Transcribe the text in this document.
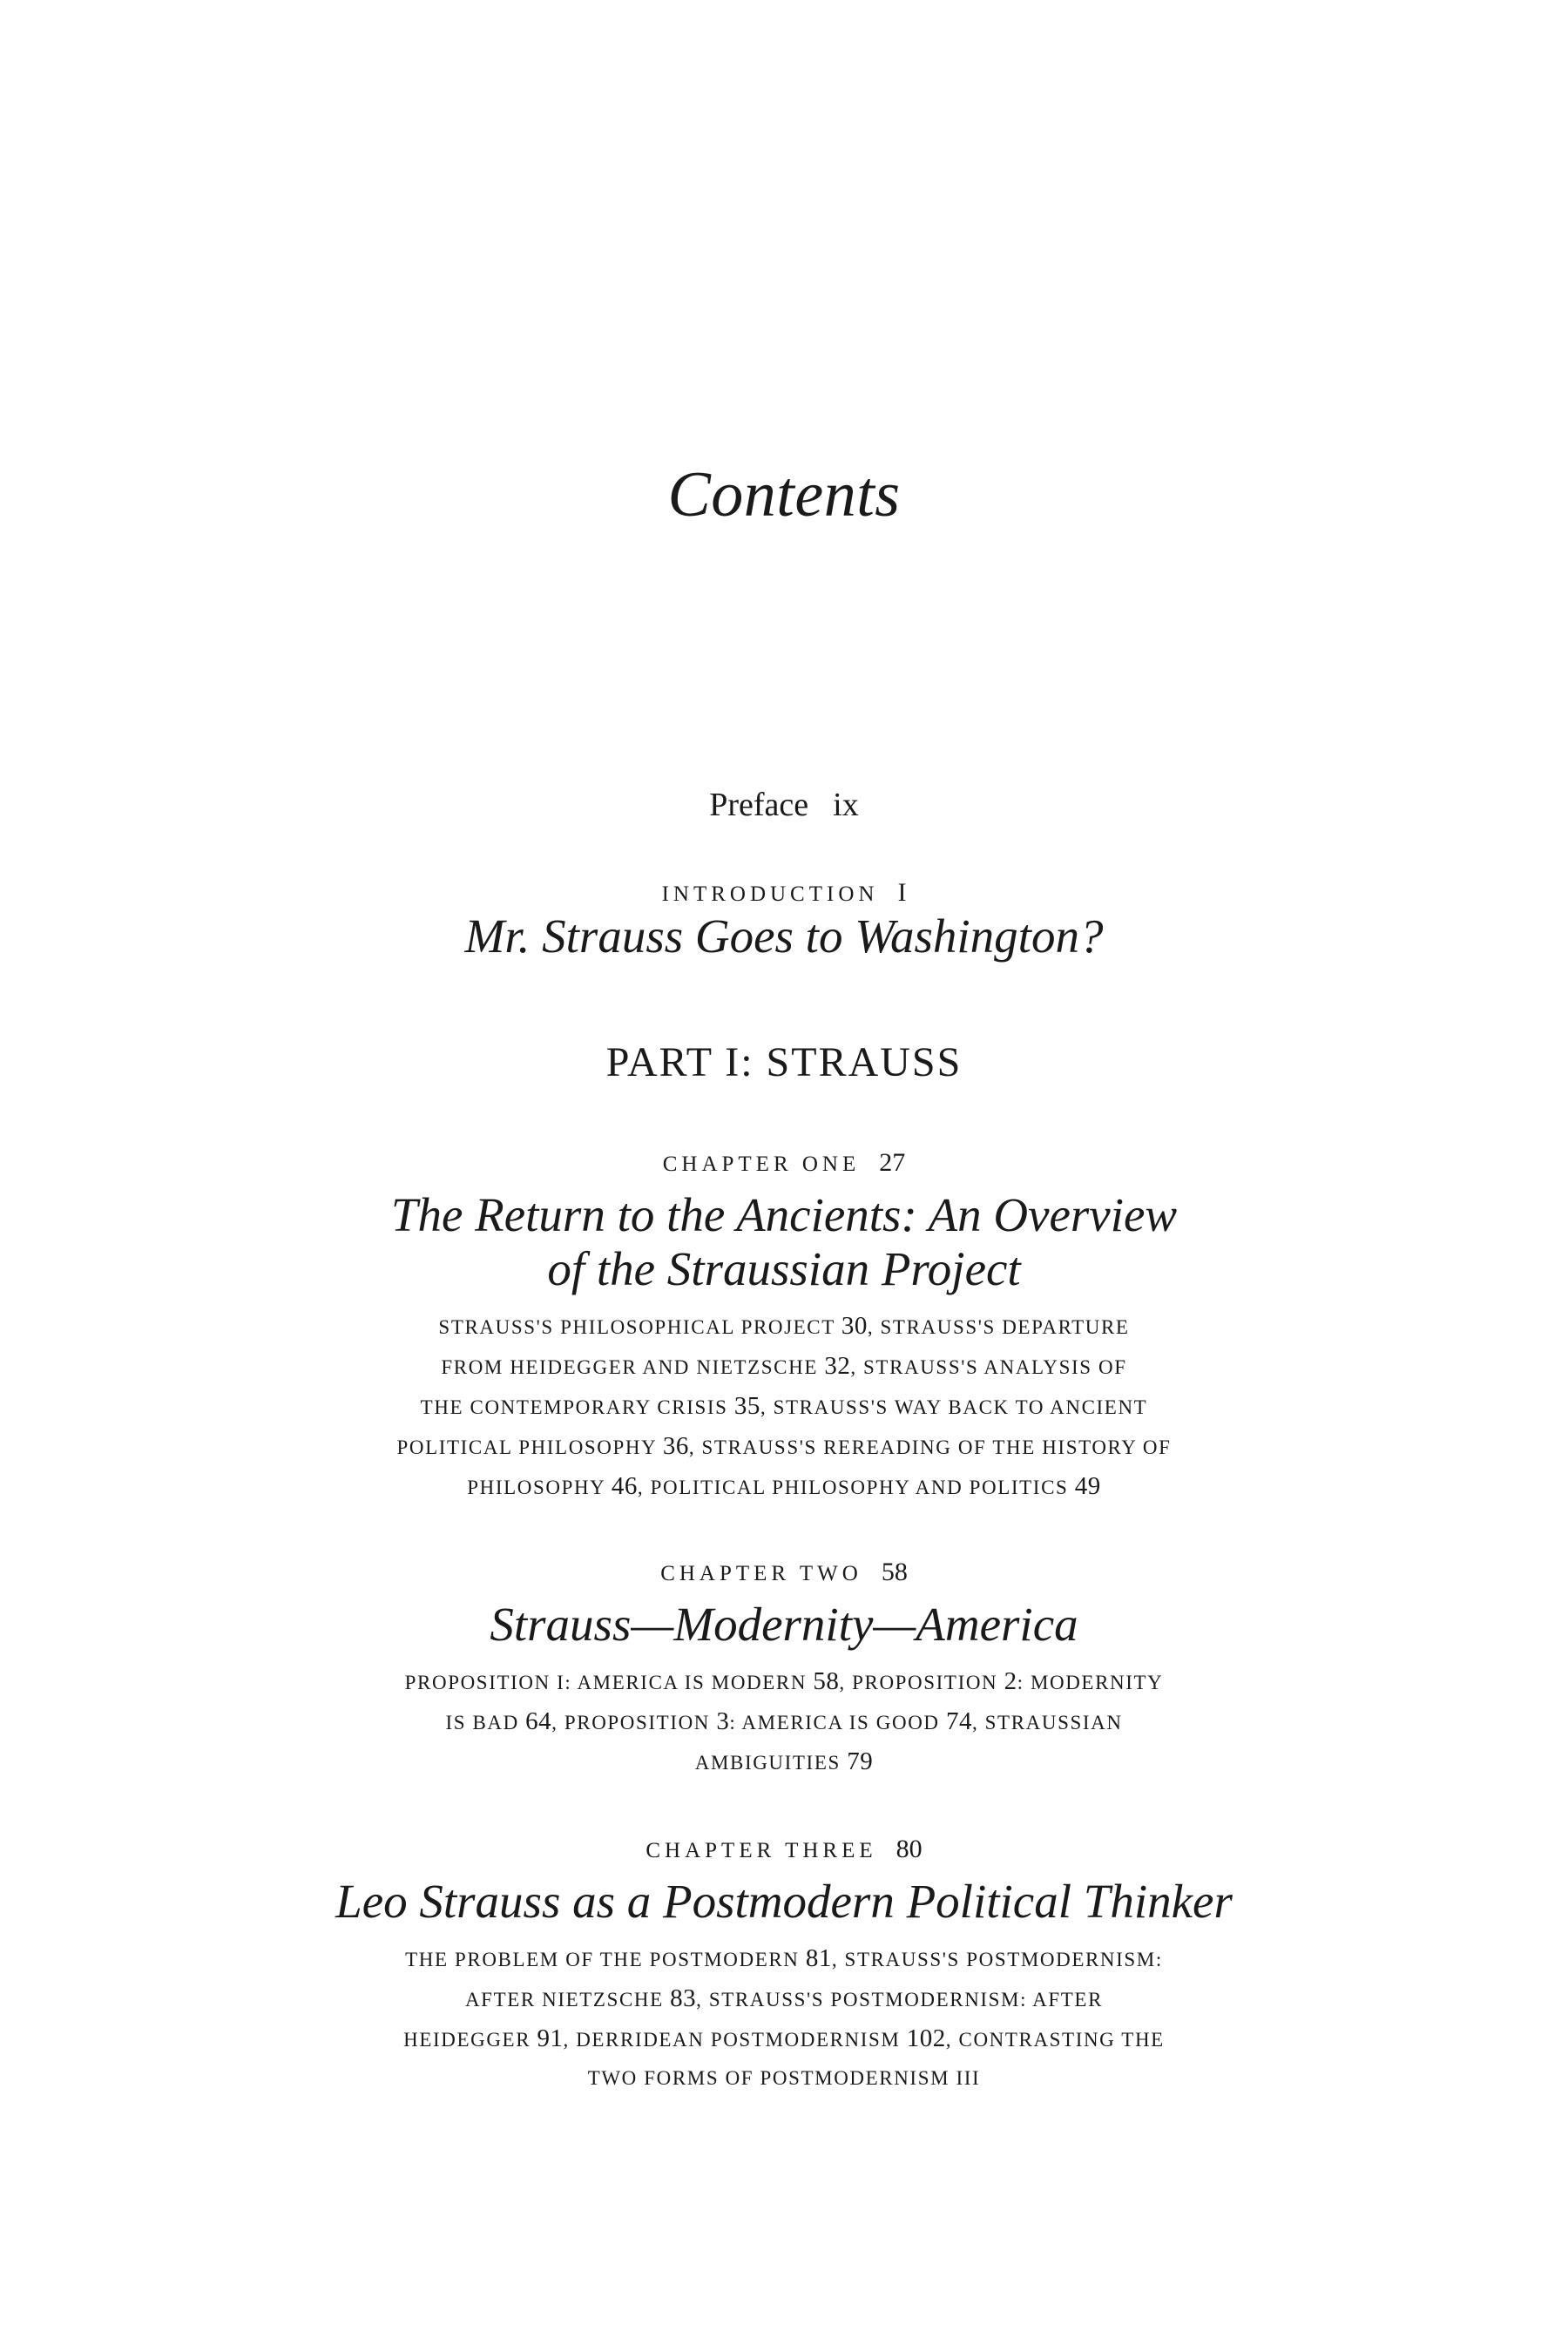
Contents
Preface ix
INTRODUCTION I
Mr. Strauss Goes to Washington?
PART I: STRAUSS
CHAPTER ONE 27
The Return to the Ancients: An Overview
of the Straussian Project
STRAUSS'S PHILOSOPHICAL PROJECT 30, STRAUSS'S DEPARTURE
FROM HEIDEGGER AND NIETZSCHE 32, STRAUSS'S ANALYSIS OF
THE CONTEMPORARY CRISIS 35, STRAUSS'S WAY BACK TO ANCIENT
POLITICAL PHILOSOPHY 36, STRAUSS'S REREADING OF THE HISTORY OF
PHILOSOPHY 46, POLITICAL PHILOSOPHY AND POLITICS 49
CHAPTER TWO 58
Strauss—Modernity—America
PROPOSITION I: AMERICA IS MODERN 58, PROPOSITION 2: MODERNITY
IS BAD 64, PROPOSITION 3: AMERICA IS GOOD 74, STRAUSSIAN
AMBIGUITIES 79
CHAPTER THREE 80
Leo Strauss as a Postmodern Political Thinker
THE PROBLEM OF THE POSTMODERN 81, STRAUSS'S POSTMODERNISM:
AFTER NIETZSCHE 83, STRAUSS'S POSTMODERNISM: AFTER
HEIDEGGER 91, DERRIDEAN POSTMODERNISM 102, CONTRASTING THE
TWO FORMS OF POSTMODERNISM III
